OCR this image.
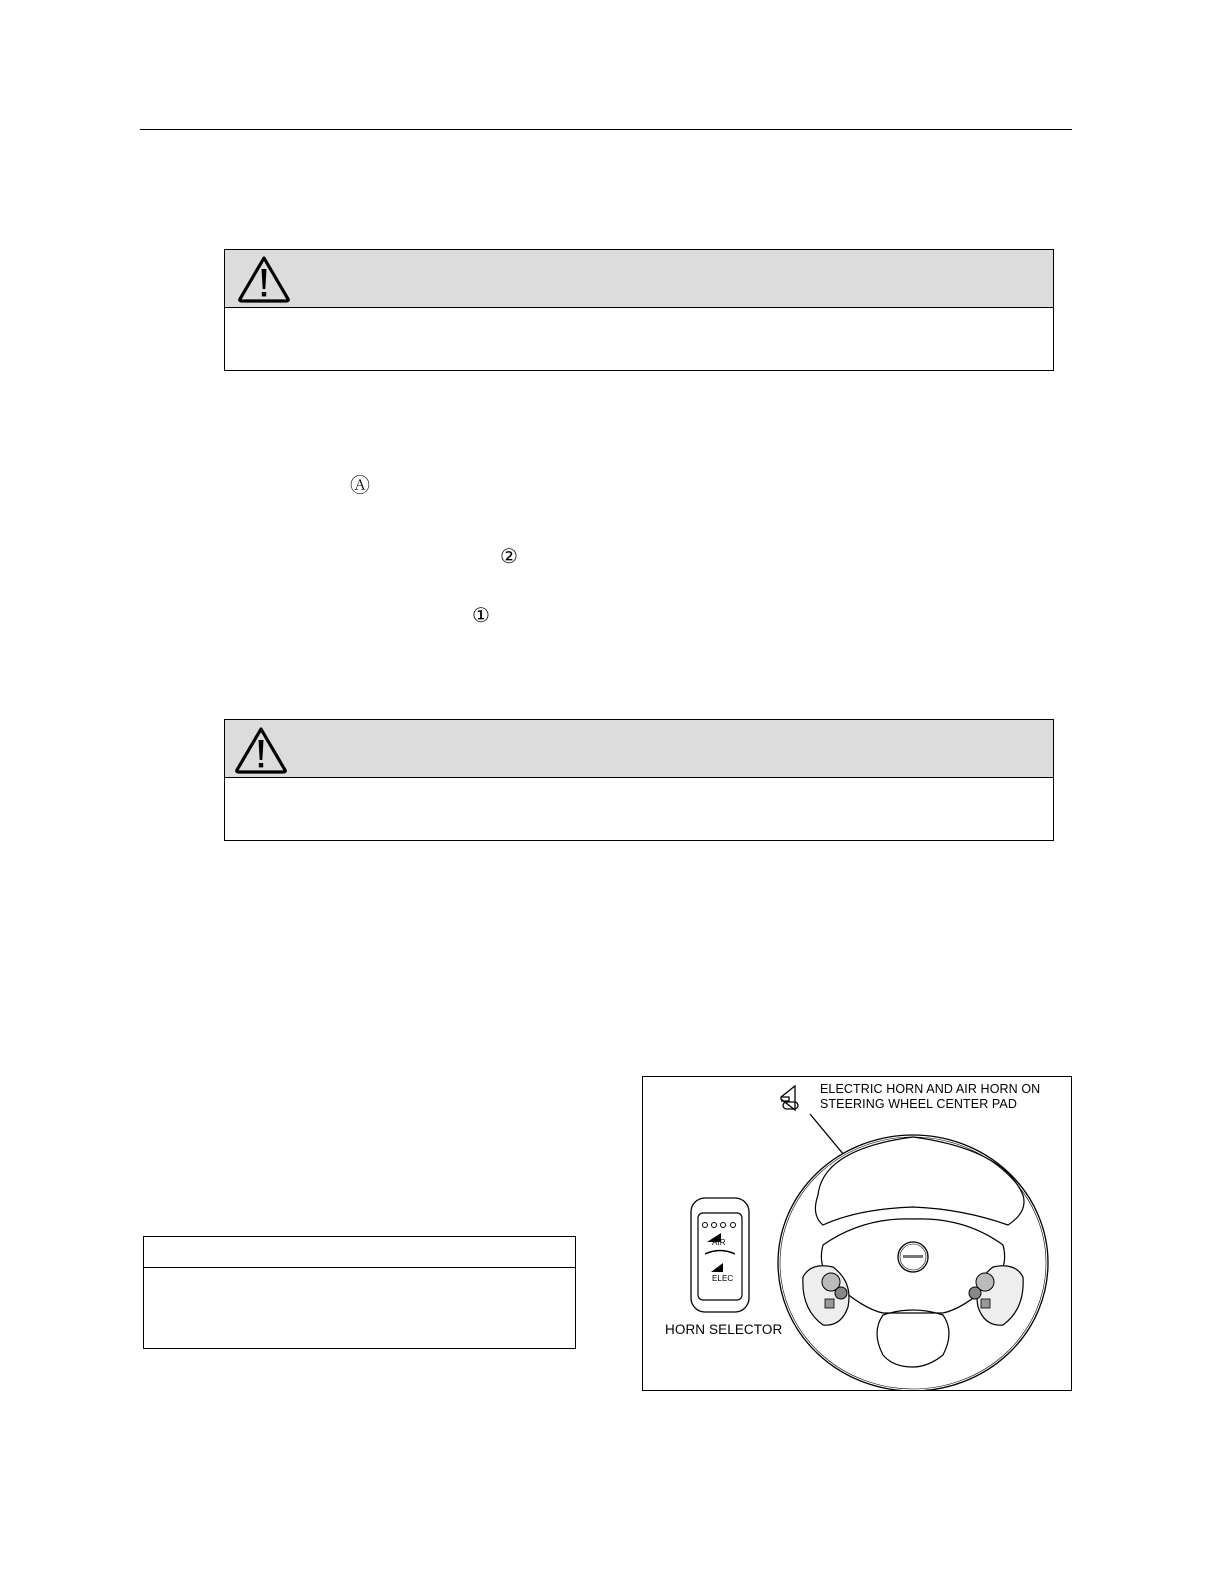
Ⓐ
②
①
ELECTRIC HORN AND AIR HORN ON
STEERING WHEEL CENTER PAD
AIR
ELEC
HORN SELECTOR
